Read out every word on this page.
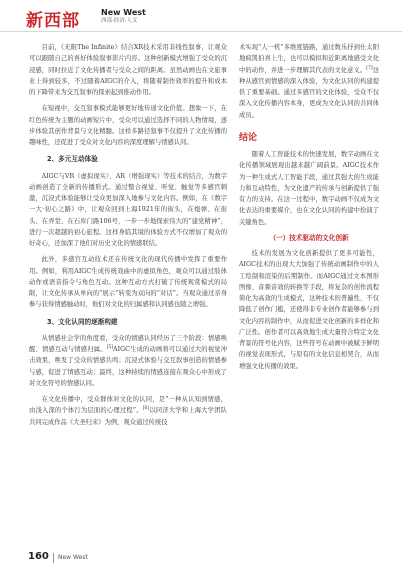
新西部	New West
西部·经济·人文

目前，《无限The Infinite》结合XR技术采用非线性叙事，让观众可以跟随自己的喜好体验叙事影片内容。这种创新模式增强了受众的沉浸感，同时拉近了文化传播者与受众之间的距离。虽然动画也在文旅事业上得到较多，不过随着AIGC的介入，将随着制作效率的提升和成本的下降带来为交互叙事的探索起到推动作用。

在短视中，交互叙事模式能够更好地传递文化价值。想象一下，在红色传统为主题的动画短片中，受众可以通过选择不同的人物情境，逐步体验其创作背景与文化精髓。这样多路径叙事不仅提升了文化传播的趣味性，还促进了受众对文化内容的深度理解与情感认同。

2、多元互动体验

AIGC与VR（虚拟现实）、AR（增强现实）等技术的结合，为数字动画创造了全新的传播形式。通过整合视觉、听觉、触觉等多感官刺激，沉浸式体验能够让受众更加深入地参与文化内容。例如，在《数字一大·初心之路》中，让观众回到上海1921年的街头，在炮弹、在街头、在弄堂、在石库门路106号，一步一步地探索伟大的“建党精神”，进行一次超越的初心旅程。这样身临其境的体验方式不仅增加了观众的好奇心，还加深了他们对历史文化的情感联结。

此外，多感官互动技术还在传统文化的现代传播中发挥了重要作用。例如，利用AIGC生成传统戏曲中的虚拟角色，观众可以通过肢体动作或语音指令与角色互动。这种互动方式打破了传统观赏模式的局限，让文化传承从单向的“展示”转变为双向的“对话”。当观众通过亲身参与获得情感触动时，他们对文化的归属感和认同感也随之增强。

3、文化认同的逐渐构建

从情感社会学的角度看，受众的情感认同经历了三个阶段：情感唤醒、情感互动与情感归属。[5]AIGC生成的动画将可以通过大的视觉冲击效果，唤发了受众的情感共鸣；沉浸式体验与交互叙事创造的情感参与感，促进了情感互动；最终，这种持续的情感连接在观众心中形成了对文化符号的情感认同。

在文化传播中，受众群体对文化的认同，是“一种从认知到情感，由浅入深的个体行为层面的心理过程”。[6]以同济大学和上海大学团队共同完成作品《大圣归来》为例，观众通过传统技

术实现“人一机”多维度链路，通过数乐抒到仕太阳地疯凯伯喜上生，也可以模拟和近距离地感受文化中的动作，并进一步理解其代表的文化意义。[7]这种从感官到情感的深入体验，为文化认同的构建提供了重要基础。通过多感官的文化体验，受众不仅深入文化传播内容本身，更成为文化认同的共同体成员。

结论

随着人工智能技术的快速发展，数字动画在文化传播领域展现出越来越广阔前景。AIGC技术作为一种生成式人工智能手段，通过其强大的生成能力和互动特性，为文化遗产的传承与创新提供了强有力的支持。在这一过程中，数字动画不仅成为文化表达的重要媒介，也在文化认同的构建中扮演了关键角色。

（一）技术驱动的文化创新

技术的发展为文化创新提供了更多可能性，AIGC技术的出现大大加强了传统动画制作中的人工绘制和渲染的后期制作。而AIGC通过文本图形图像、音频音效的转换等手段，将复杂的创作流程简化为高效的生成模式，这种技术的普遍性、不仅降低了创作门槛，还使得非专业创作者能够参与到文化内容的制作中，从而促进文化创新的多样化和广泛性。创作者可以高效地生成大量符合特定文化背景的符号化内容，这些符号在动画中被赋予鲜明的视觉表现形式，与原有的文化信息相契合，从而增强文化传播的效果。

160 New West
